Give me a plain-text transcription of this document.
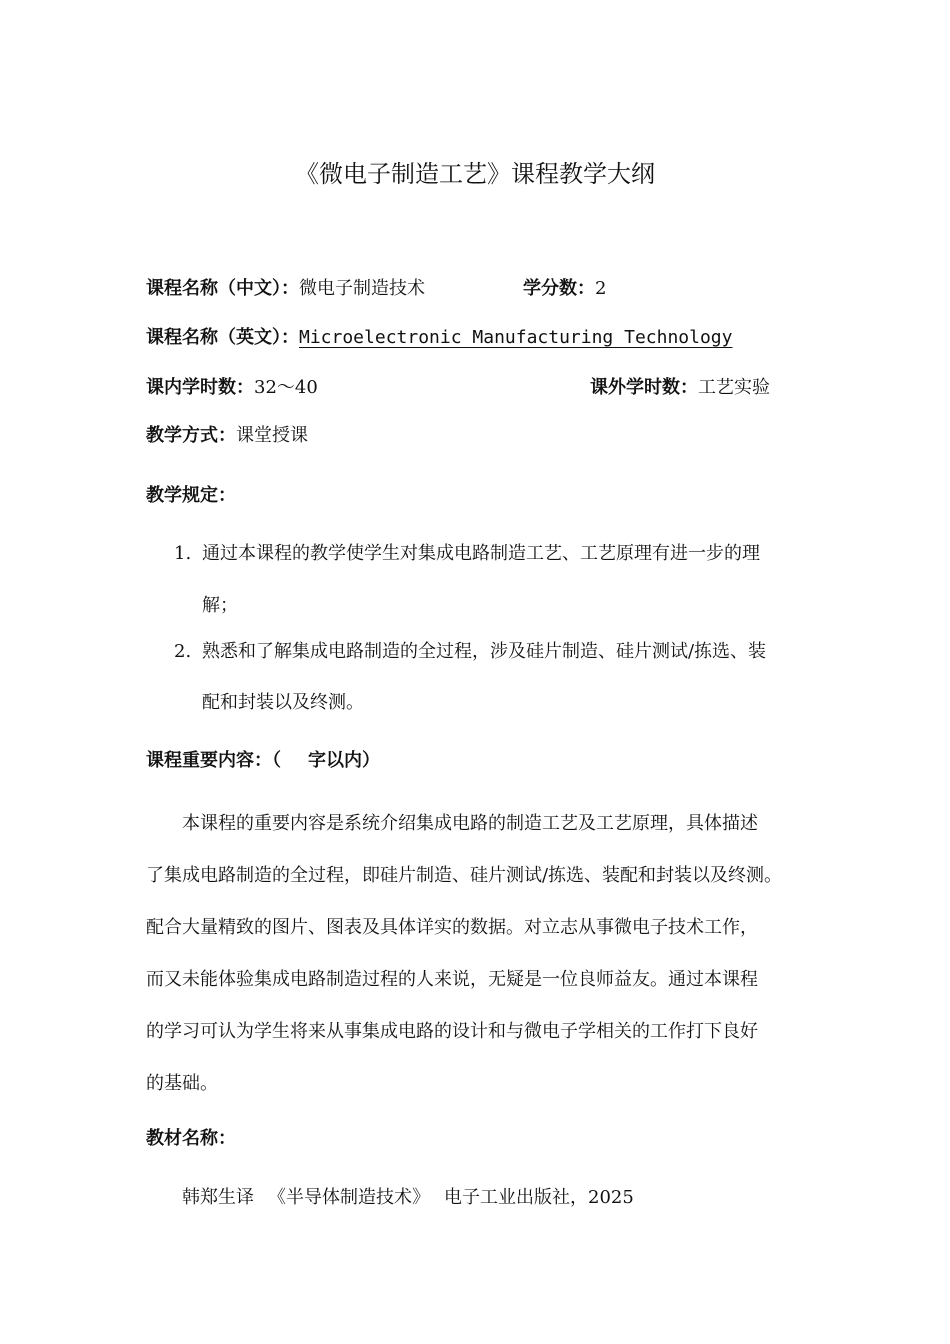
《微电子制造工艺》课程教学大纲
课程名称（中文）：微电子制造技术	学分数：2
课程名称（英文）：Microelectronic Manufacturing Technology
课内学时数：32～40	课外学时数：工艺实验
教学方式：课堂授课
教学规定：
1. 通过本课程的教学使学生对集成电路制造工艺、工艺原理有进一步的理
解；
2. 熟悉和了解集成电路制造的全过程，涉及硅片制造、硅片测试/拣选、装
配和封装以及终测。
课程重要内容：（ 字以内）
本课程的重要内容是系统介绍集成电路的制造工艺及工艺原理，具体描述
了集成电路制造的全过程，即硅片制造、硅片测试/拣选、装配和封装以及终测。
配合大量精致的图片、图表及具体详实的数据。对立志从事微电子技术工作，
而又未能体验集成电路制造过程的人来说，无疑是一位良师益友。通过本课程
的学习可认为学生将来从事集成电路的设计和与微电子学相关的工作打下良好
的基础。
教材名称：
韩郑生译 《半导体制造技术》 电子工业出版社，2025
